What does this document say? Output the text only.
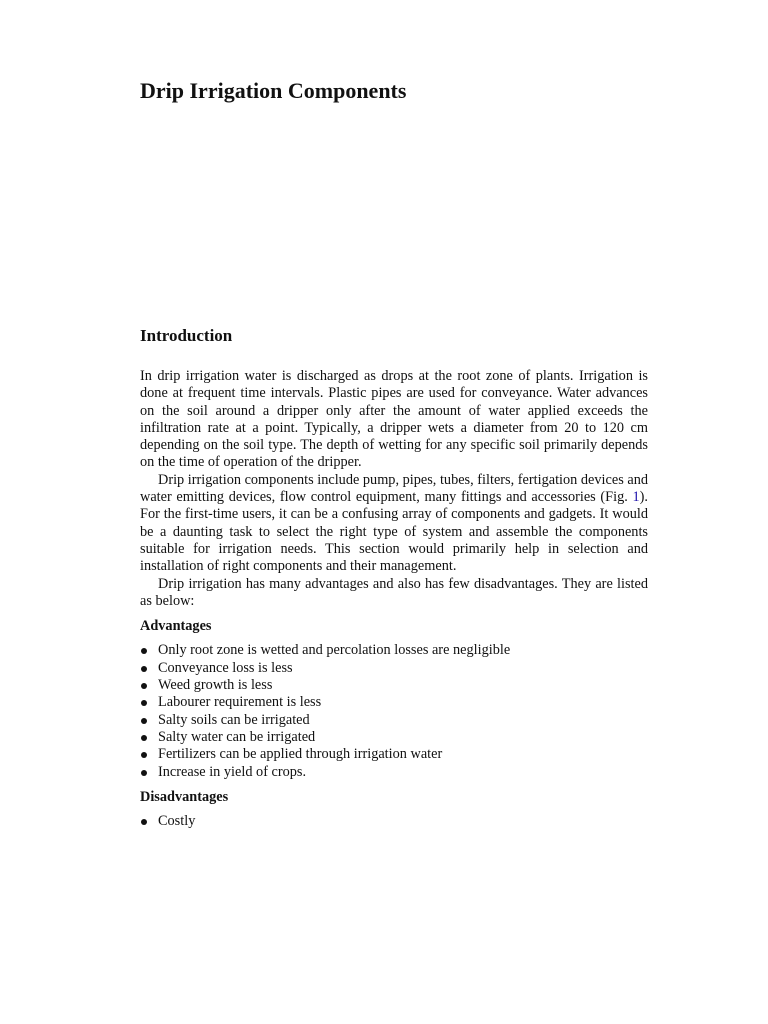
Drip Irrigation Components
Introduction

In drip irrigation water is discharged as drops at the root zone of plants. Irrigation is done at frequent time intervals. Plastic pipes are used for conveyance. Water advances on the soil around a dripper only after the amount of water applied exceeds the infiltration rate at a point. Typically, a dripper wets a diameter from 20 to 120 cm depending on the soil type. The depth of wetting for any specific soil primarily depends on the time of operation of the dripper.

Drip irrigation components include pump, pipes, tubes, filters, fertigation devices and water emitting devices, flow control equipment, many fittings and accessories (Fig. 1). For the first-time users, it can be a confusing array of components and gadgets. It would be a daunting task to select the right type of system and assemble the components suitable for irrigation needs. This section would primarily help in selection and installation of right components and their management.

Drip irrigation has many advantages and also has few disadvantages. They are listed as below:

Advantages
Only root zone is wetted and percolation losses are negligible
Conveyance loss is less
Weed growth is less
Labourer requirement is less
Salty soils can be irrigated
Salty water can be irrigated
Fertilizers can be applied through irrigation water
Increase in yield of crops.
Disadvantages
Costly
